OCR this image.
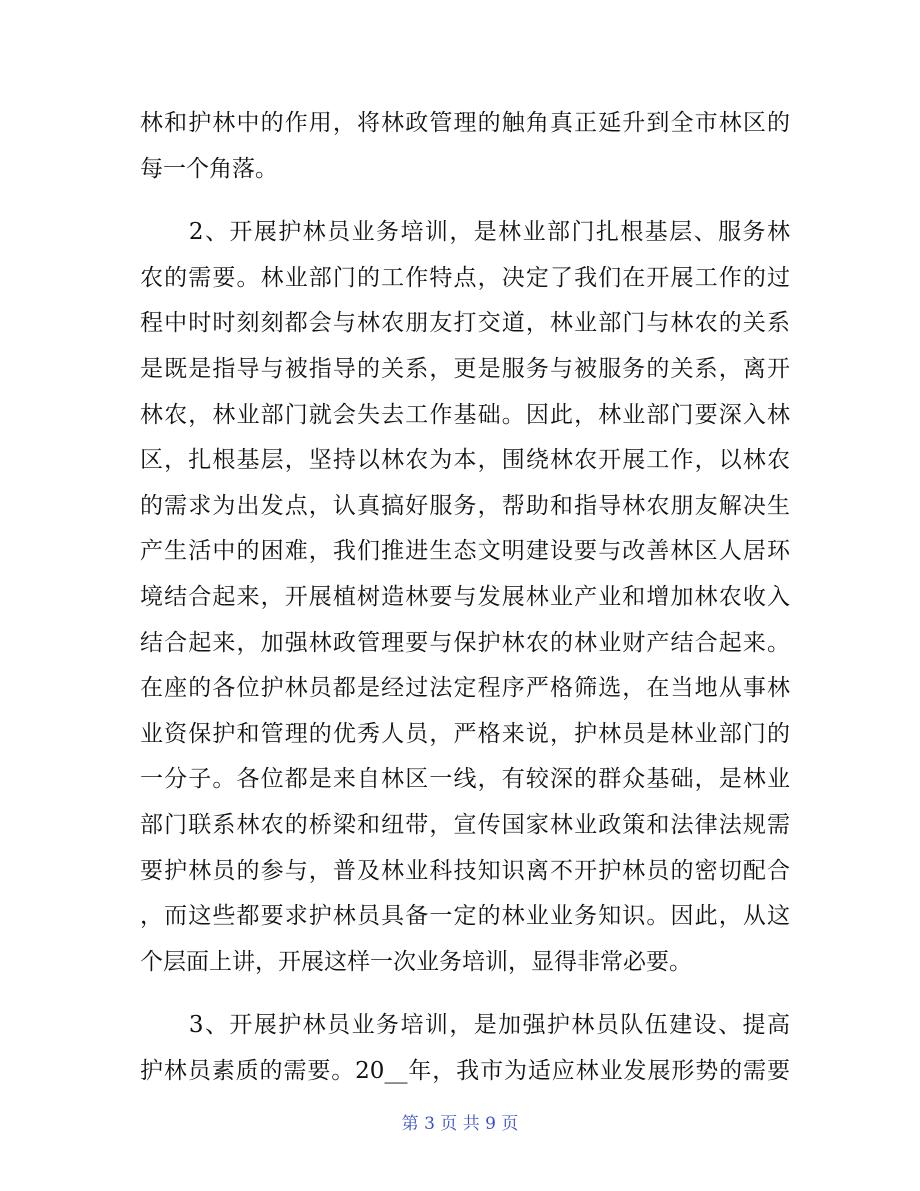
林和护林中的作用，将林政管理的触角真正延升到全市林区的
每一个角落。
　　2、开展护林员业务培训，是林业部门扎根基层、服务林
农的需要。林业部门的工作特点，决定了我们在开展工作的过
程中时时刻刻都会与林农朋友打交道，林业部门与林农的关系
是既是指导与被指导的关系，更是服务与被服务的关系，离开
林农，林业部门就会失去工作基础。因此，林业部门要深入林
区，扎根基层，坚持以林农为本，围绕林农开展工作，以林农
的需求为出发点，认真搞好服务，帮助和指导林农朋友解决生
产生活中的困难，我们推进生态文明建设要与改善林区人居环
境结合起来，开展植树造林要与发展林业产业和增加林农收入
结合起来，加强林政管理要与保护林农的林业财产结合起来。
在座的各位护林员都是经过法定程序严格筛选，在当地从事林
业资保护和管理的优秀人员，严格来说，护林员是林业部门的
一分子。各位都是来自林区一线，有较深的群众基础，是林业
部门联系林农的桥梁和纽带，宣传国家林业政策和法律法规需
要护林员的参与，普及林业科技知识离不开护林员的密切配合
，而这些都要求护林员具备一定的林业业务知识。因此，从这
个层面上讲，开展这样一次业务培训，显得非常必要。
　　3、开展护林员业务培训，是加强护林员队伍建设、提高
护林员素质的需要。20__年，我市为适应林业发展形势的需要
第 3 页 共 9 页
